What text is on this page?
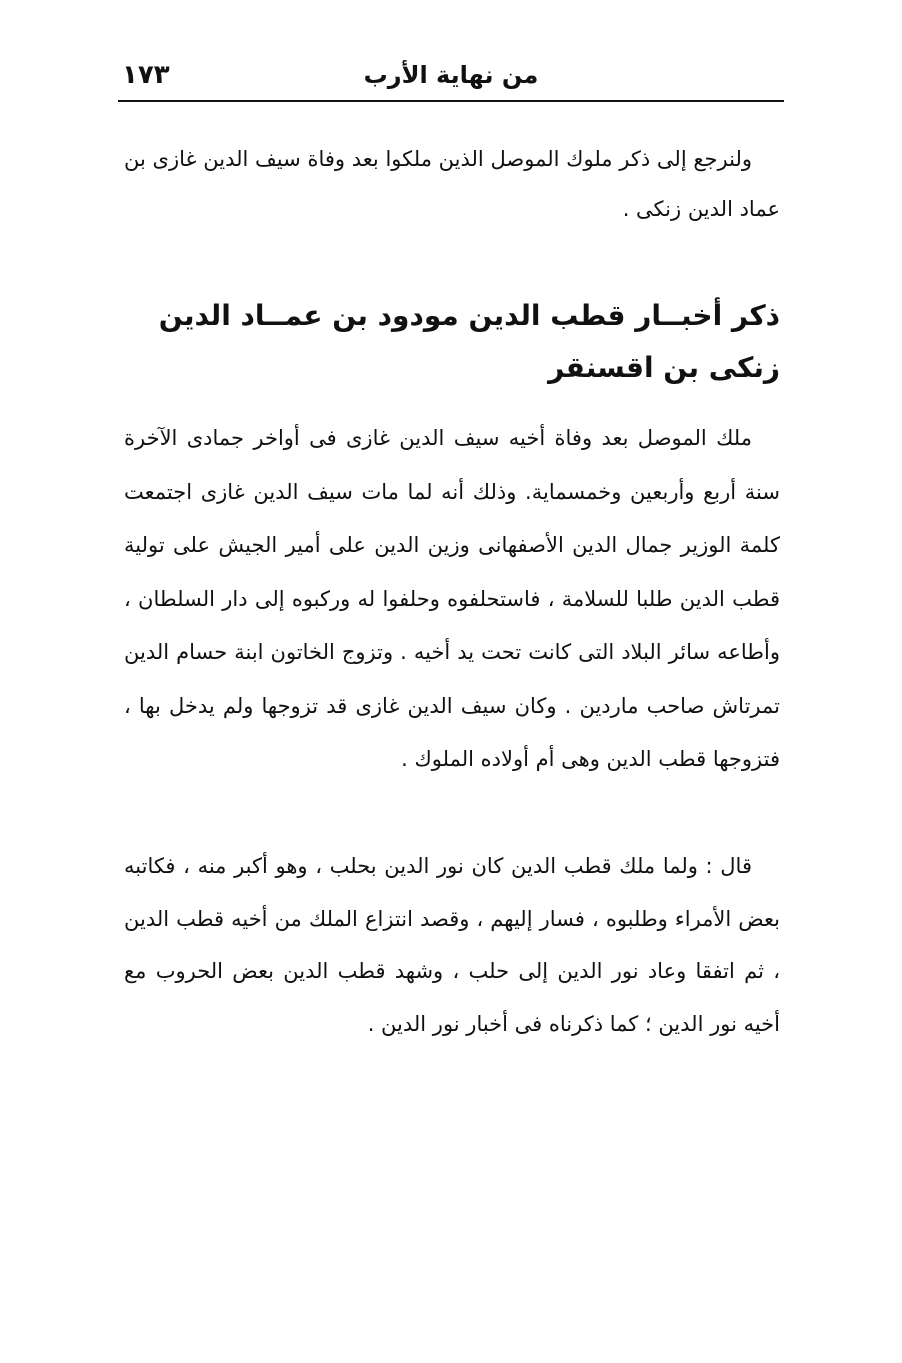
من نهاية الأرب
١٧٣

ولنرجع إلى ذكر ملوك الموصل الذين ملكوا بعد وفاة سيف الدين غازى بن عماد الدين زنكى .

ذكر أخبــار قطب الدين مودود بن عمــاد الدين زنكى بن اقسنقر

ملك الموصل بعد وفاة أخيه سيف الدين غازى فى أواخر جمادى الآخرة سنة أربع وأربعين وخمسماية. وذلك أنه لما مات سيف الدين غازى اجتمعت كلمة الوزير جمال الدين الأصفهانى وزين الدين على أمير الجيش على تولية قطب الدين طلبا للسلامة ، فاستحلفوه وحلفوا له وركبوه إلى دار السلطان ، وأطاعه سائر البلاد التى كانت تحت يد أخيه . وتزوج الخاتون ابنة حسام الدين تمرتاش صاحب ماردين . وكان سيف الدين غازى قد تزوجها ولم يدخل بها ، فتزوجها قطب الدين وهى أم أولاده الملوك .

قال : ولما ملك قطب الدين كان نور الدين بحلب ، وهو أكبر منه ، فكاتبه بعض الأمراء وطلبوه ، فسار إليهم ، وقصد انتزاع الملك من أخيه قطب الدين ، ثم اتفقا وعاد نور الدين إلى حلب ، وشهد قطب الدين بعض الحروب مع أخيه نور الدين ؛ كما ذكرناه فى أخبار نور الدين .
